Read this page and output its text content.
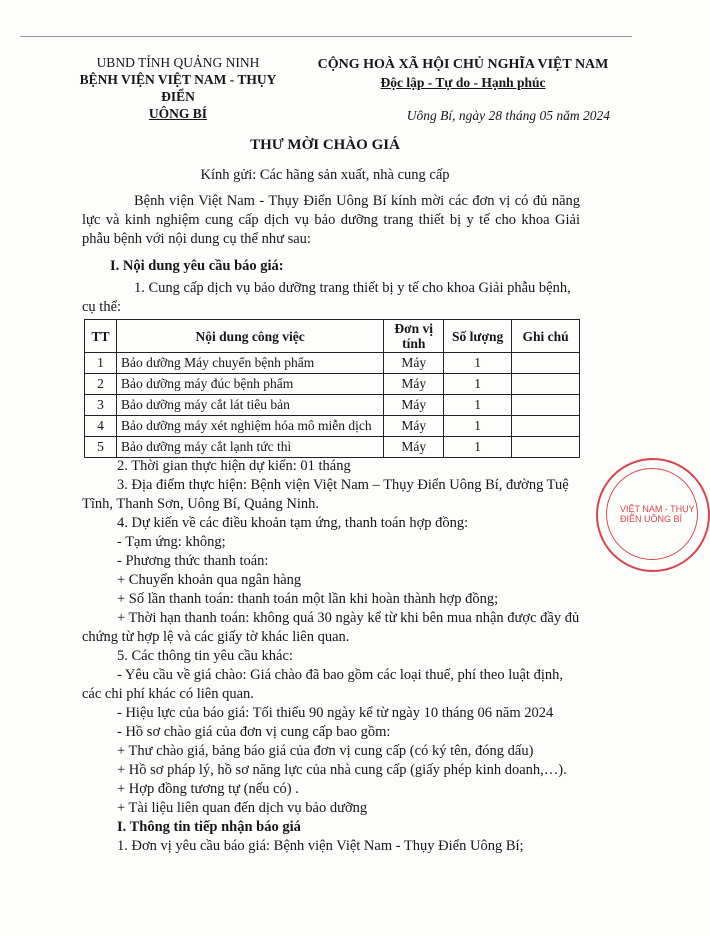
UBND TỈNH QUẢNG NINH
BỆNH VIỆN VIỆT NAM - THỤY ĐIỂN
UÔNG BÍ
CỘNG HOÀ XÃ HỘI CHỦ NGHĨA VIỆT NAM
Độc lập - Tự do - Hạnh phúc
Uông Bí, ngày 28 tháng 05 năm 2024
THƯ MỜI CHÀO GIÁ
Kính gửi: Các hãng sản xuất, nhà cung cấp
Bệnh viện Việt Nam - Thụy Điển Uông Bí kính mời các đơn vị có đủ năng lực và kinh nghiệm cung cấp dịch vụ bảo dưỡng trang thiết bị y tế cho khoa Giải phẫu bệnh với nội dung cụ thể như sau:
I. Nội dung yêu cầu báo giá:
1. Cung cấp dịch vụ bảo dưỡng trang thiết bị y tế cho khoa Giải phẫu bệnh, cụ thể:
TT	Nội dung công việc	Đơn vị tính	Số lượng	Ghi chú
1	Bảo dưỡng Máy chuyển bệnh phẩm	Máy	1	
2	Bảo dưỡng máy đúc bệnh phẩm	Máy	1	
3	Bảo dưỡng máy cắt lát tiêu bản	Máy	1	
4	Bảo dưỡng máy xét nghiệm hóa mô miễn dịch	Máy	1	
5	Bảo dưỡng máy cắt lạnh tức thì	Máy	1	
2. Thời gian thực hiện dự kiến: 01 tháng
3. Địa điểm thực hiện: Bệnh viện Việt Nam – Thụy Điển Uông Bí, đường Tuệ Tĩnh, Thanh Sơn, Uông Bí, Quảng Ninh.
4. Dự kiến về các điều khoản tạm ứng, thanh toán hợp đồng:
- Tạm ứng: không;
- Phương thức thanh toán:
+ Chuyển khoản qua ngân hàng
+ Số lần thanh toán: thanh toán một lần khi hoàn thành hợp đồng;
+ Thời hạn thanh toán: không quá 30 ngày kể từ khi bên mua nhận được đầy đủ chứng từ hợp lệ và các giấy tờ khác liên quan.
5. Các thông tin yêu cầu khác:
- Yêu cầu về giá chào: Giá chào đã bao gồm các loại thuế, phí theo luật định, các chi phí khác có liên quan.
- Hiệu lực của báo giá: Tối thiểu 90 ngày kể từ ngày 10 tháng 06 năm 2024
- Hồ sơ chào giá của đơn vị cung cấp bao gồm:
+ Thư chào giá, bảng báo giá của đơn vị cung cấp (có ký tên, đóng dấu)
+ Hồ sơ pháp lý, hồ sơ năng lực của nhà cung cấp (giấy phép kinh doanh,…).
+ Hợp đồng tương tự (nếu có) .
+ Tài liệu liên quan đến dịch vụ bảo dưỡng
I. Thông tin tiếp nhận báo giá
1. Đơn vị yêu cầu báo giá: Bệnh viện Việt Nam - Thụy Điển Uông Bí;
VIỆT NAM - THỤY ĐIỂN UÔNG BÍ
